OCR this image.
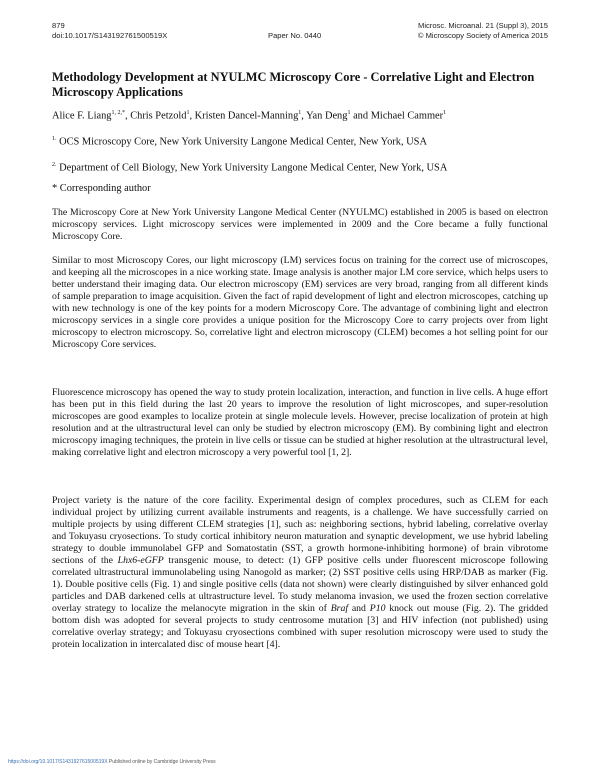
879
doi:10.1017/S143192761500519X	Paper No. 0440
Microsc. Microanal. 21 (Suppl 3), 2015
© Microscopy Society of America 2015
Methodology Development at NYULMC Microscopy Core - Correlative Light and Electron Microscopy Applications
Alice F. Liang$^{1, 2,*}$, Chris Petzold$^1$, Kristen Dancel-Manning$^1$, Yan Deng$^1$ and Michael Cammer$^1$
$^{1.}$ OCS Microscopy Core, New York University Langone Medical Center, New York, USA
$^{2.}$ Department of Cell Biology, New York University Langone Medical Center, New York, USA
* Corresponding author

The Microscopy Core at New York University Langone Medical Center (NYULMC) established in 2005 is based on electron microscopy services. Light microscopy services were implemented in 2009 and the Core became a fully functional Microscopy Core.

Similar to most Microscopy Cores, our light microscopy (LM) services focus on training for the correct use of microscopes, and keeping all the microscopes in a nice working state. Image analysis is another major LM core service, which helps users to better understand their imaging data. Our electron microscopy (EM) services are very broad, ranging from all different kinds of sample preparation to image acquisition. Given the fact of rapid development of light and electron microscopes, catching up with new technology is one of the key points for a modern Microscopy Core. The advantage of combining light and electron microscopy services in a single core provides a unique position for the Microscopy Core to carry projects over from light microscopy to electron microscopy. So, correlative light and electron microscopy (CLEM) becomes a hot selling point for our Microscopy Core services.

Fluorescence microscopy has opened the way to study protein localization, interaction, and function in live cells. A huge effort has been put in this field during the last 20 years to improve the resolution of light microscopes, and super-resolution microscopes are good examples to localize protein at single molecule levels. However, precise localization of protein at high resolution and at the ultrastructural level can only be studied by electron microscopy (EM). By combining light and electron microscopy imaging techniques, the protein in live cells or tissue can be studied at higher resolution at the ultrastructural level, making correlative light and electron microscopy a very powerful tool [1, 2].

Project variety is the nature of the core facility. Experimental design of complex procedures, such as CLEM for each individual project by utilizing current available instruments and reagents, is a challenge. We have successfully carried on multiple projects by using different CLEM strategies [1], such as: neighboring sections, hybrid labeling, correlative overlay and Tokuyasu cryosections. To study cortical inhibitory neuron maturation and synaptic development, we use hybrid labeling strategy to double immunolabel GFP and Somatostatin (SST, a growth hormone-inhibiting hormone) of brain vibrotome sections of the Lhx6-eGFP transgenic mouse, to detect: (1) GFP positive cells under fluorescent microscope following correlated ultrastructural immunolabeling using Nanogold as marker; (2) SST positive cells using HRP/DAB as marker (Fig. 1). Double positive cells (Fig. 1) and single positive cells (data not shown) were clearly distinguished by silver enhanced gold particles and DAB darkened cells at ultrastructure level. To study melanoma invasion, we used the frozen section correlative overlay strategy to localize the melanocyte migration in the skin of Braf and P10 knock out mouse (Fig. 2). The gridded bottom dish was adopted for several projects to study centrosome mutation [3] and HIV infection (not published) using correlative overlay strategy; and Tokuyasu cryosections combined with super resolution microscopy were used to study the protein localization in intercalated disc of mouse heart [4].

https://doi.org/10.1017/S143192761500519X Published online by Cambridge University Press
